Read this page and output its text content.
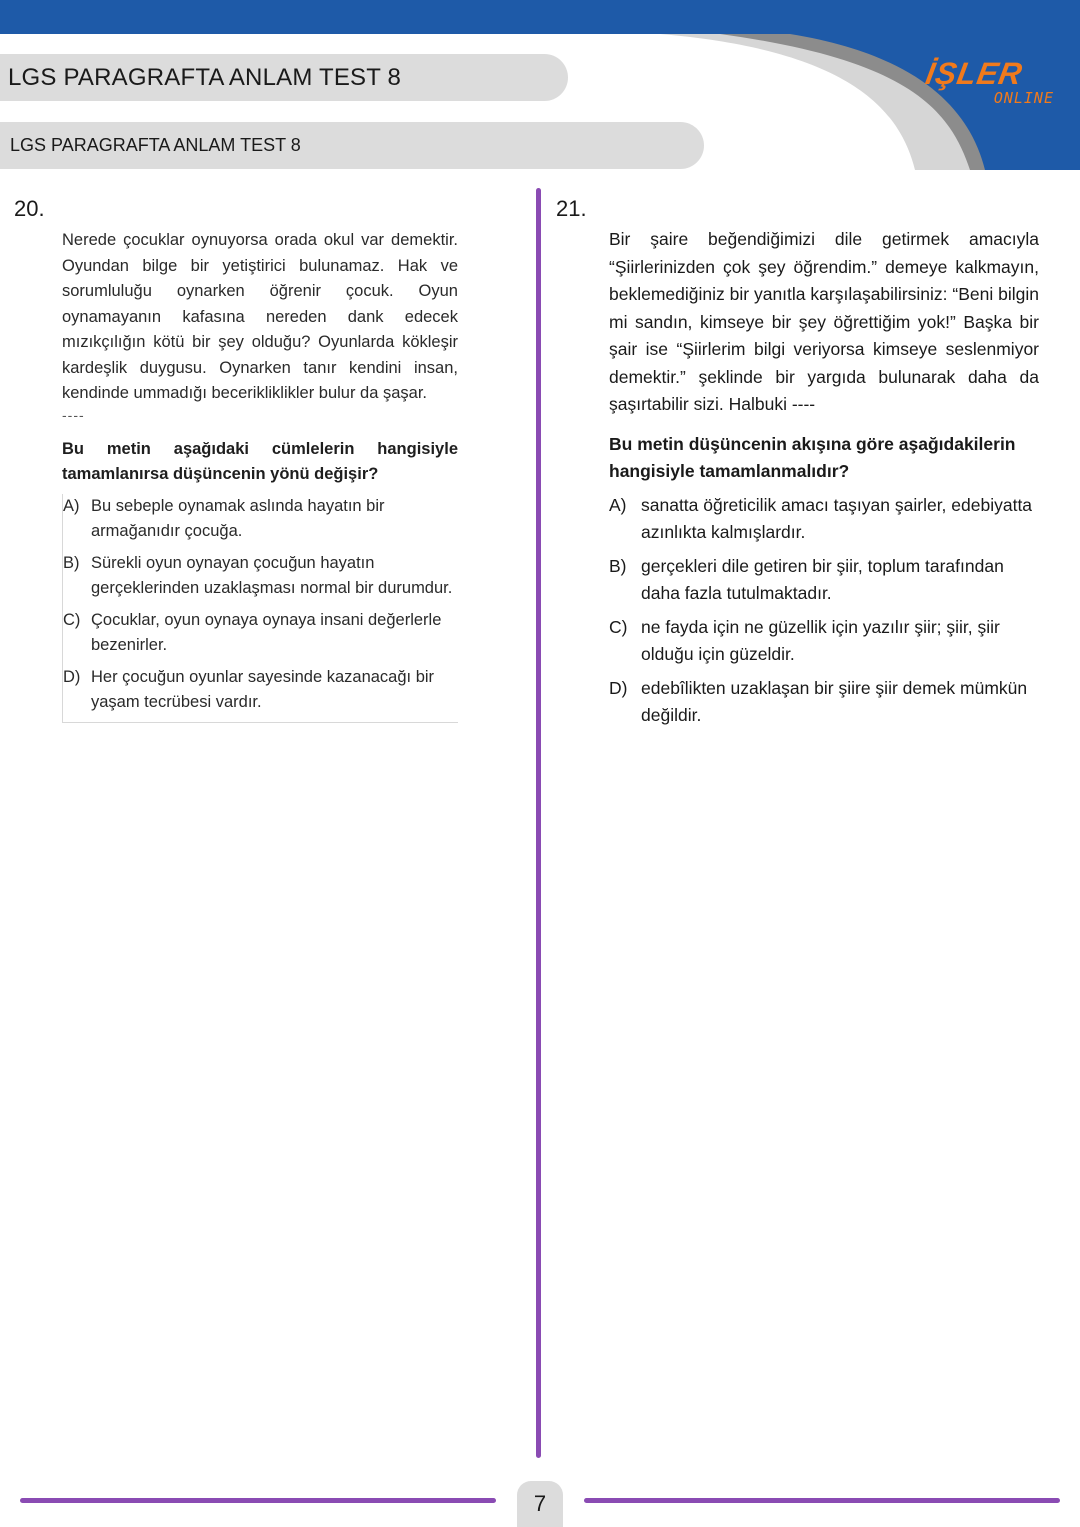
LGS PARAGRAFTA ANLAM TEST 8
LGS PARAGRAFTA ANLAM TEST 8
İŞLER
ONLINE
20.	21.
Nerede çocuklar oynuyorsa orada okul var demektir. Oyundan bilge bir yetiştirici bulunamaz. Hak ve sorumluluğu oynarken öğrenir çocuk. Oyun oynamayanın kafasına nereden dank edecek mızıkçılığın kötü bir şey olduğu? Oyunlarda kökleşir kardeşlik duygusu. Oynarken tanır kendini insan, kendinde ummadığı becerikliklikler bulur da şaşar.
----
Bu metin aşağıdaki cümlelerin hangisiyle tamamlanırsa düşüncenin yönü değişir?
A) Bu sebeple oynamak aslında hayatın bir armağanıdır çocuğa.
B) Sürekli oyun oynayan çocuğun hayatın gerçeklerinden uzaklaşması normal bir durumdur.
C) Çocuklar, oyun oynaya oynaya insani değerlerle bezenirler.
D) Her çocuğun oyunlar sayesinde kazanacağı bir yaşam tecrübesi vardır.
Bir şaire beğendiğimizi dile getirmek amacıyla “Şiirlerinizden çok şey öğrendim.” demeye kalkmayın, beklemediğiniz bir yanıtla karşılaşabilirsiniz: “Beni bilgin mi sandın, kimseye bir şey öğrettiğim yok!” Başka bir şair ise “Şiirlerim bilgi veriyorsa kimseye seslenmiyor demektir.” şeklinde bir yargıda bulunarak daha da şaşırtabilir sizi. Halbuki ----
Bu metin düşüncenin akışına göre aşağıdakilerin hangisiyle tamamlanmalıdır?
A) sanatta öğreticilik amacı taşıyan şairler, edebiyatta azınlıkta kalmışlardır.
B) gerçekleri dile getiren bir şiir, toplum tarafından daha fazla tutulmaktadır.
C) ne fayda için ne güzellik için yazılır şiir; şiir, şiir olduğu için güzeldir.
D) edebîlikten uzaklaşan bir şiire şiir demek mümkün değildir.
7
